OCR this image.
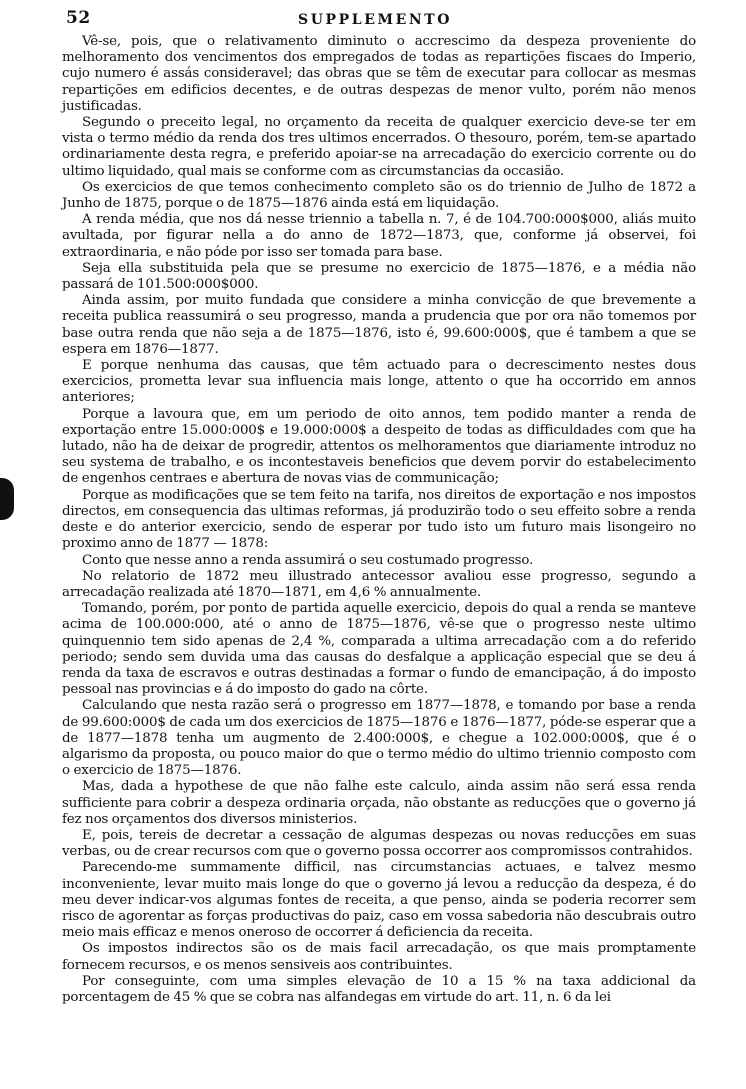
52	SUPPLEMENTO

Vê-se, pois, que o relativamento diminuto o accrescimo da despeza proveniente do melhoramento dos vencimentos dos empregados de todas as repartições fiscaes do Imperio, cujo numero é assás consideravel; das obras que se têm de executar para collocar as mesmas repartições em edificios decentes, e de outras despezas de menor vulto, porém não menos justificadas.

Segundo o preceito legal, no orçamento da receita de qualquer exercicio deve-se ter em vista o termo médio da renda dos tres ultimos encerrados. O thesouro, porém, tem-se apartado ordinariamente desta regra, e preferido apoiar-se na arrecadação do exercicio corrente ou do ultimo liquidado, qual mais se conforme com as circumstancias da occasião.

Os exercicios de que temos conhecimento completo são os do triennio de Julho de 1872 a Junho de 1875, porque o de 1875—1876 ainda está em liquidação.

A renda média, que nos dá nesse triennio a tabella n. 7, é de 104.700:000$000, aliás muito avultada, por figurar nella a do anno de 1872—1873, que, conforme já observei, foi extraordinaria, e não póde por isso ser tomada para base.

Seja ella substituida pela que se presume no exercicio de 1875—1876, e a média não passará de 101.500:000$000.

Ainda assim, por muito fundada que considere a minha convicção de que brevemente a receita publica reassumirá o seu progresso, manda a prudencia que por ora não tomemos por base outra renda que não seja a de 1875—1876, isto é, 99.600:000$, que é tambem a que se espera em 1876—1877.

E porque nenhuma das causas, que têm actuado para o decrescimento nestes dous exercicios, prometta levar sua influencia mais longe, attento o que ha occorrido em annos anteriores;

Porque a lavoura que, em um periodo de oito annos, tem podido manter a renda de exportação entre 15.000:000$ e 19.000:000$ a despeito de todas as difficuldades com que ha lutado, não ha de deixar de progredir, attentos os melhoramentos que diariamente introduz no seu systema de trabalho, e os incontestaveis beneficios que devem porvir do estabelecimento de engenhos centraes e abertura de novas vias de communicação;

Porque as modificações que se tem feito na tarifa, nos direitos de exportação e nos impostos directos, em consequencia das ultimas reformas, já produzirão todo o seu effeito sobre a renda deste e do anterior exercicio, sendo de esperar por tudo isto um futuro mais lisongeiro no proximo anno de 1877 — 1878:

Conto que nesse anno a renda assumirá o seu costumado progresso.

No relatorio de 1872 meu illustrado antecessor avaliou esse progresso, segundo a arrecadação realizada até 1870—1871, em 4,6 % annualmente.

Tomando, porém, por ponto de partida aquelle exercicio, depois do qual a renda se manteve acima de 100.000:000, até o anno de 1875—1876, vê-se que o progresso neste ultimo quinquennio tem sido apenas de 2,4 %, comparada a ultima arrecadação com a do referido periodo; sendo sem duvida uma das causas do desfalque a applicação especial que se deu á renda da taxa de escravos e outras destinadas a formar o fundo de emancipação, á do imposto pessoal nas provincias e á do imposto do gado na côrte.

Calculando que nesta razão será o progresso em 1877—1878, e tomando por base a renda de 99.600:000$ de cada um dos exercicios de 1875—1876 e 1876—1877, póde-se esperar que a de 1877—1878 tenha um augmento de 2.400:000$, e chegue a 102.000:000$, que é o algarismo da proposta, ou pouco maior do que o termo médio do ultimo triennio composto com o exercicio de 1875—1876.

Mas, dada a hypothese de que não falhe este calculo, ainda assim não será essa renda sufficiente para cobrir a despeza ordinaria orçada, não obstante as reducções que o governo já fez nos orçamentos dos diversos ministerios.

E, pois, tereis de decretar a cessação de algumas despezas ou novas reducções em suas verbas, ou de crear recursos com que o governo possa occorrer aos compromissos contrahidos.

Parecendo-me summamente difficil, nas circumstancias actuaes, e talvez mesmo inconveniente, levar muito mais longe do que o governo já levou a reducção da despeza, é do meu dever indicar-vos algumas fontes de receita, a que penso, ainda se poderia recorrer sem risco de agorentar as forças productivas do paiz, caso em vossa sabedoria não descubrais outro meio mais efficaz e menos oneroso de occorrer á deficiencia da receita.

Os impostos indirectos são os de mais facil arrecadação, os que mais promptamente fornecem recursos, e os menos sensiveis aos contribuintes.

Por conseguinte, com uma simples elevação de 10 a 15 % na taxa addicional da porcentagem de 45 % que se cobra nas alfandegas em virtude do art. 11, n. 6 da lei
